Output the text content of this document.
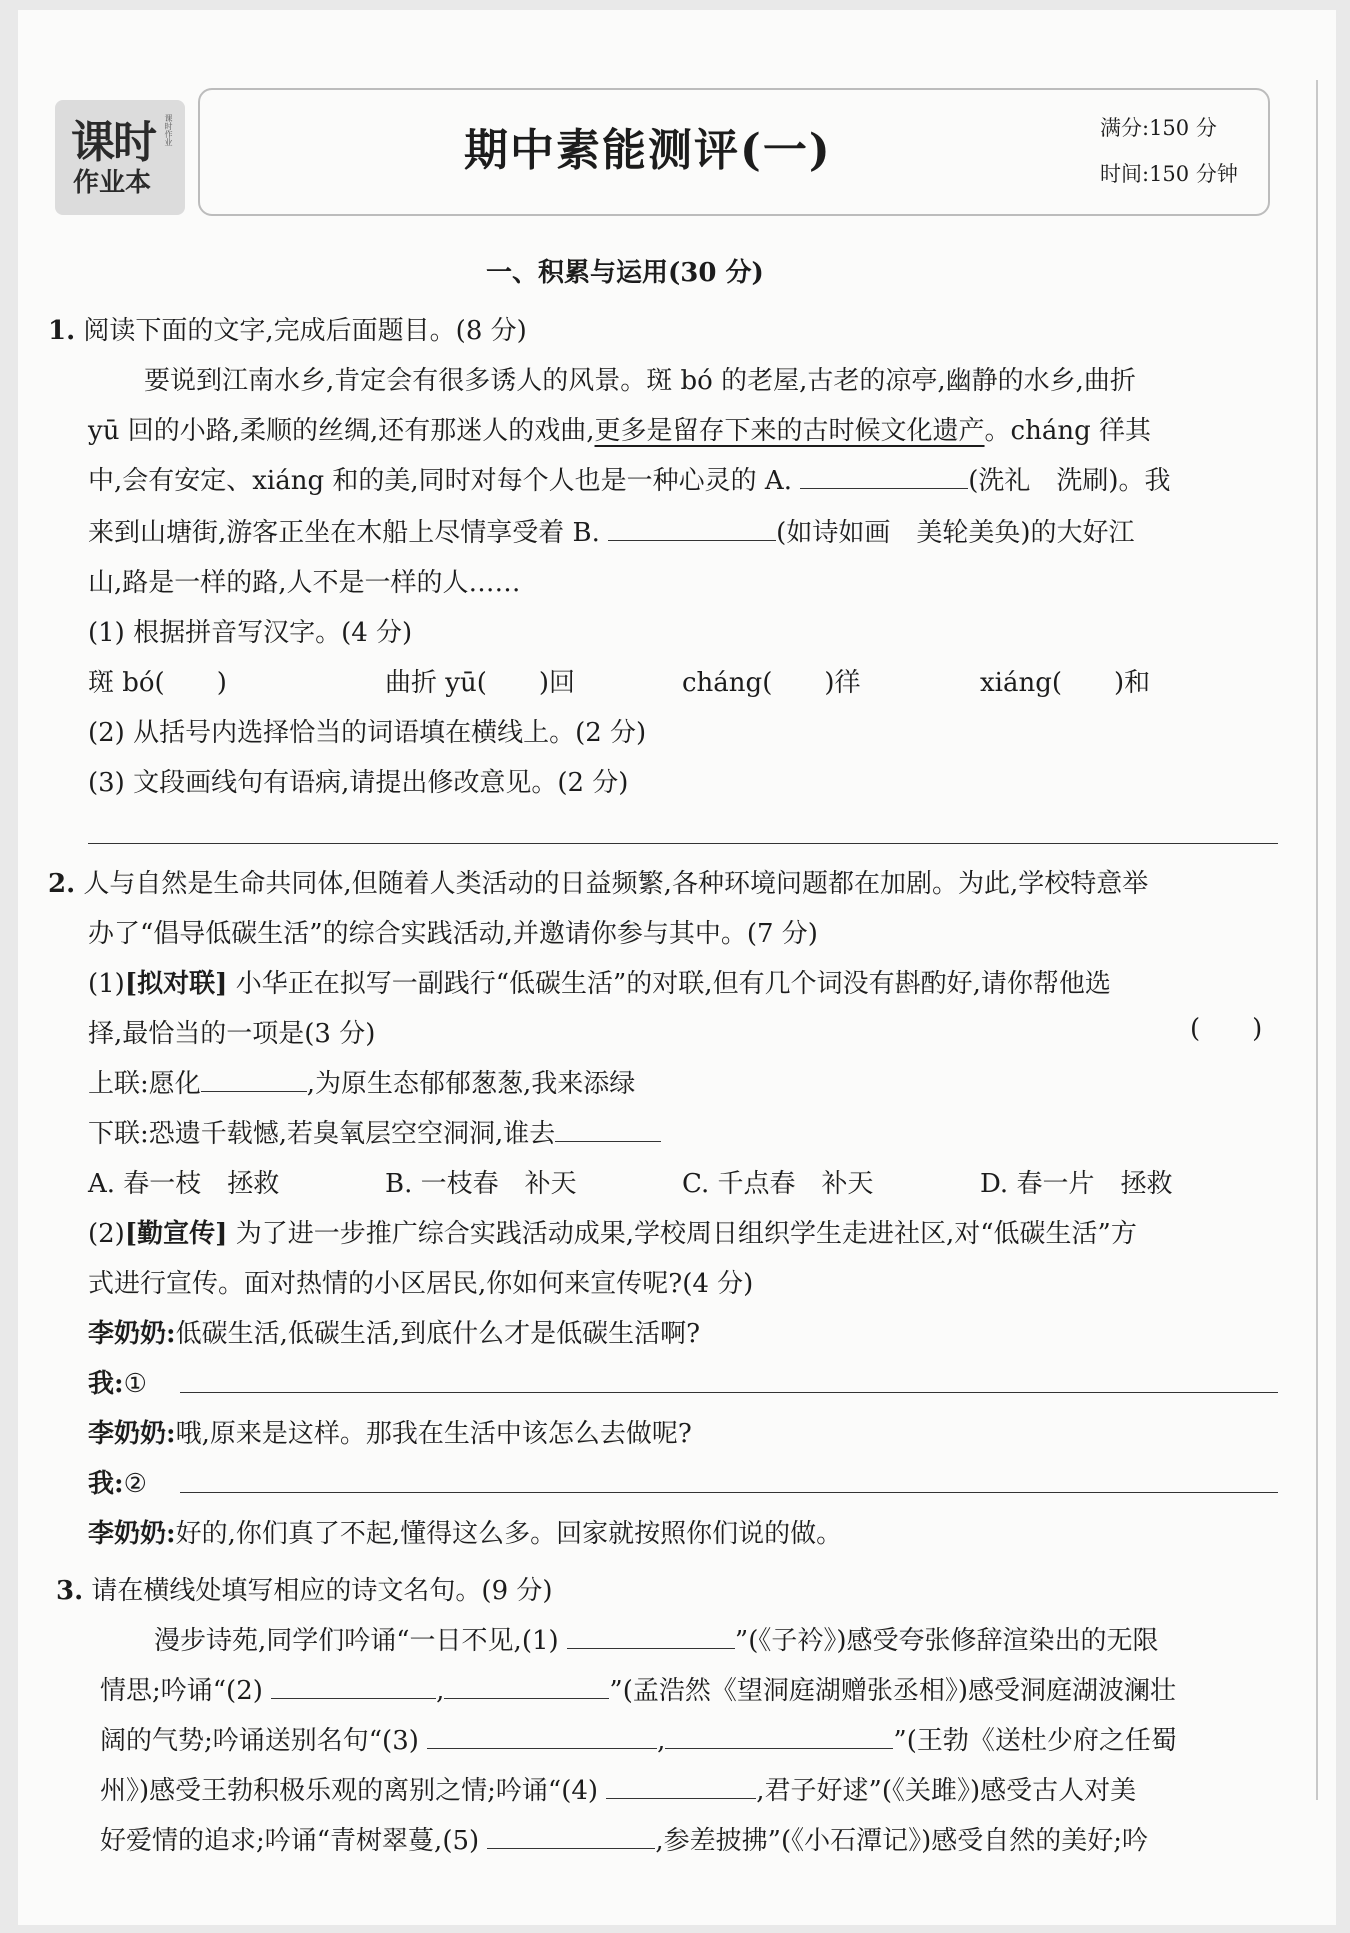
课时 课时作业
作业本
期中素能测评(一)	满分:150 分
时间:150 分钟
一、积累与运用(30 分)
1. 阅读下面的文字,完成后面题目。(8 分)
要说到江南水乡,肯定会有很多诱人的风景。斑 bó 的老屋,古老的凉亭,幽静的水乡,曲折
yū 回的小路,柔顺的丝绸,还有那迷人的戏曲,更多是留存下来的古时候文化遗产。cháng 徉其
中,会有安定、xiáng 和的美,同时对每个人也是一种心灵的 A.	(洗礼　洗刷)。我
来到山塘街,游客正坐在木船上尽情享受着 B.	(如诗如画　美轮美奂)的大好江
山,路是一样的路,人不是一样的人……
(1) 根据拼音写汉字。(4 分)
斑 bó(　　)	曲折 yū(　　)回	cháng(　　)徉	xiáng(　　)和
(2) 从括号内选择恰当的词语填在横线上。(2 分)
(3) 文段画线句有语病,请提出修改意见。(2 分)
2. 人与自然是生命共同体,但随着人类活动的日益频繁,各种环境问题都在加剧。为此,学校特意举
办了“倡导低碳生活”的综合实践活动,并邀请你参与其中。(7 分)
(1)[拟对联] 小华正在拟写一副践行“低碳生活”的对联,但有几个词没有斟酌好,请你帮他选
择,最恰当的一项是(3 分)	(　　)
上联:愿化	,为原生态郁郁葱葱,我来添绿
下联:恐遗千载憾,若臭氧层空空洞洞,谁去
A. 春一枝　拯救	B. 一枝春　补天	C. 千点春　补天	D. 春一片　拯救
(2)[勤宣传] 为了进一步推广综合实践活动成果,学校周日组织学生走进社区,对“低碳生活”方
式进行宣传。面对热情的小区居民,你如何来宣传呢?(4 分)
李奶奶:低碳生活,低碳生活,到底什么才是低碳生活啊?
我:①
李奶奶:哦,原来是这样。那我在生活中该怎么去做呢?
我:②
李奶奶:好的,你们真了不起,懂得这么多。回家就按照你们说的做。
3. 请在横线处填写相应的诗文名句。(9 分)
漫步诗苑,同学们吟诵“一日不见,(1)	”(《子衿》)感受夸张修辞渲染出的无限
情思;吟诵“(2)	,	”(孟浩然《望洞庭湖赠张丞相》)感受洞庭湖波澜壮
阔的气势;吟诵送别名句“(3)	,	”(王勃《送杜少府之任蜀
州》)感受王勃积极乐观的离别之情;吟诵“(4)	,君子好逑”(《关雎》)感受古人对美
好爱情的追求;吟诵“青树翠蔓,(5)	,参差披拂”(《小石潭记》)感受自然的美好;吟
